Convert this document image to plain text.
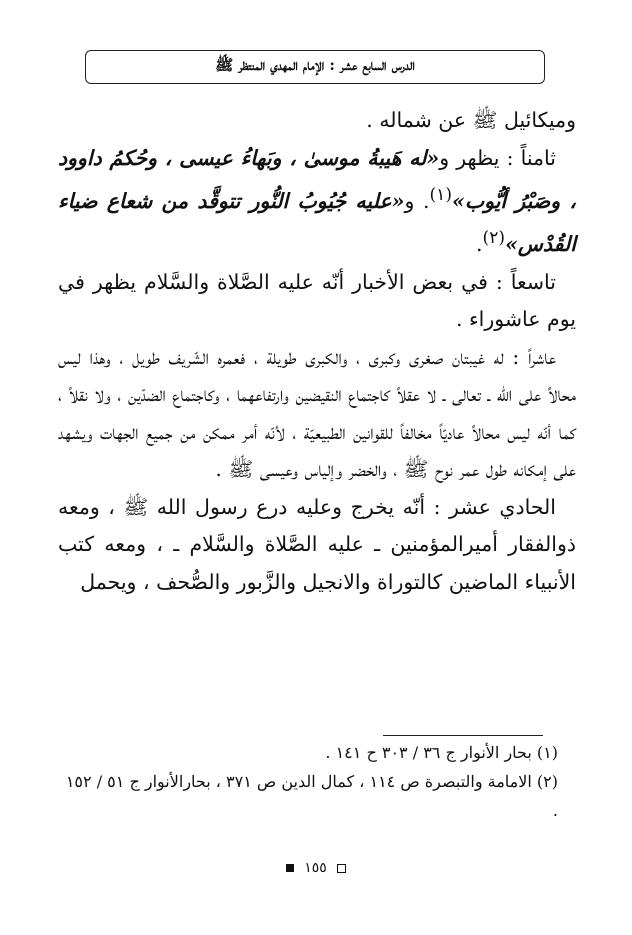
الدرس السابع عشر : الإمام المهدي المنتظر ﷺ

وميكائيل ﷺ عن شماله .

ثامناً : يظهر و«له هَيبةُ موسىٰ ، وبَهاءُ عيسى ، وحُكمُ داوود ، وصَبْرُ أيُّوب»$^{(١)}$. و«عليه جُيُوبُ النُّور تتوقَّد من شعاع ضياء القُدْس»$^{(٢)}$.

تاسعاً : في بعض الأخبار أنّه عليه الصَّلاة والسَّلام يظهر في يوم عاشوراء .

عاشراً : له غيبتان صغرى وكبرى ، والكبرى طويلة ، فعمره الشّريف طويل ، وهذا ليس محالاً على الله ـ تعالى ـ لا عقلاً كاجتماع النقيضين وارتفاعهما ، وكاجتماع الضدّين ، ولا نقلاً ، كما أنّه ليس محالاً عاديّاً مخالفاً للقوانين الطبيعيّة ، لأنّه أمر ممكن من جميع الجهات ويشهد على إمكانه طول عمر نوح ﷺ ، والخضر وإلياس وعيسى ﷺ .

الحادي عشر : أنّه يخرج وعليه درع رسول الله ﷺ ، ومعه ذوالفقار أميرالمؤمنين ـ عليه الصَّلاة والسَّلام ـ ، ومعه كتب الأنبياء الماضين كالتوراة والانجيل والزَّبور والصُّحف ، ويحمل

(١) بحار الأنوار ج ٣٦ / ٣٠٣ ح ١٤١ .

(٢) الامامة والتبصرة ص ١١٤ ، كمال الدين ص ٣٧١ ، بحارالأنوار ج ٥١ / ١٥٢ .

١٥٥
